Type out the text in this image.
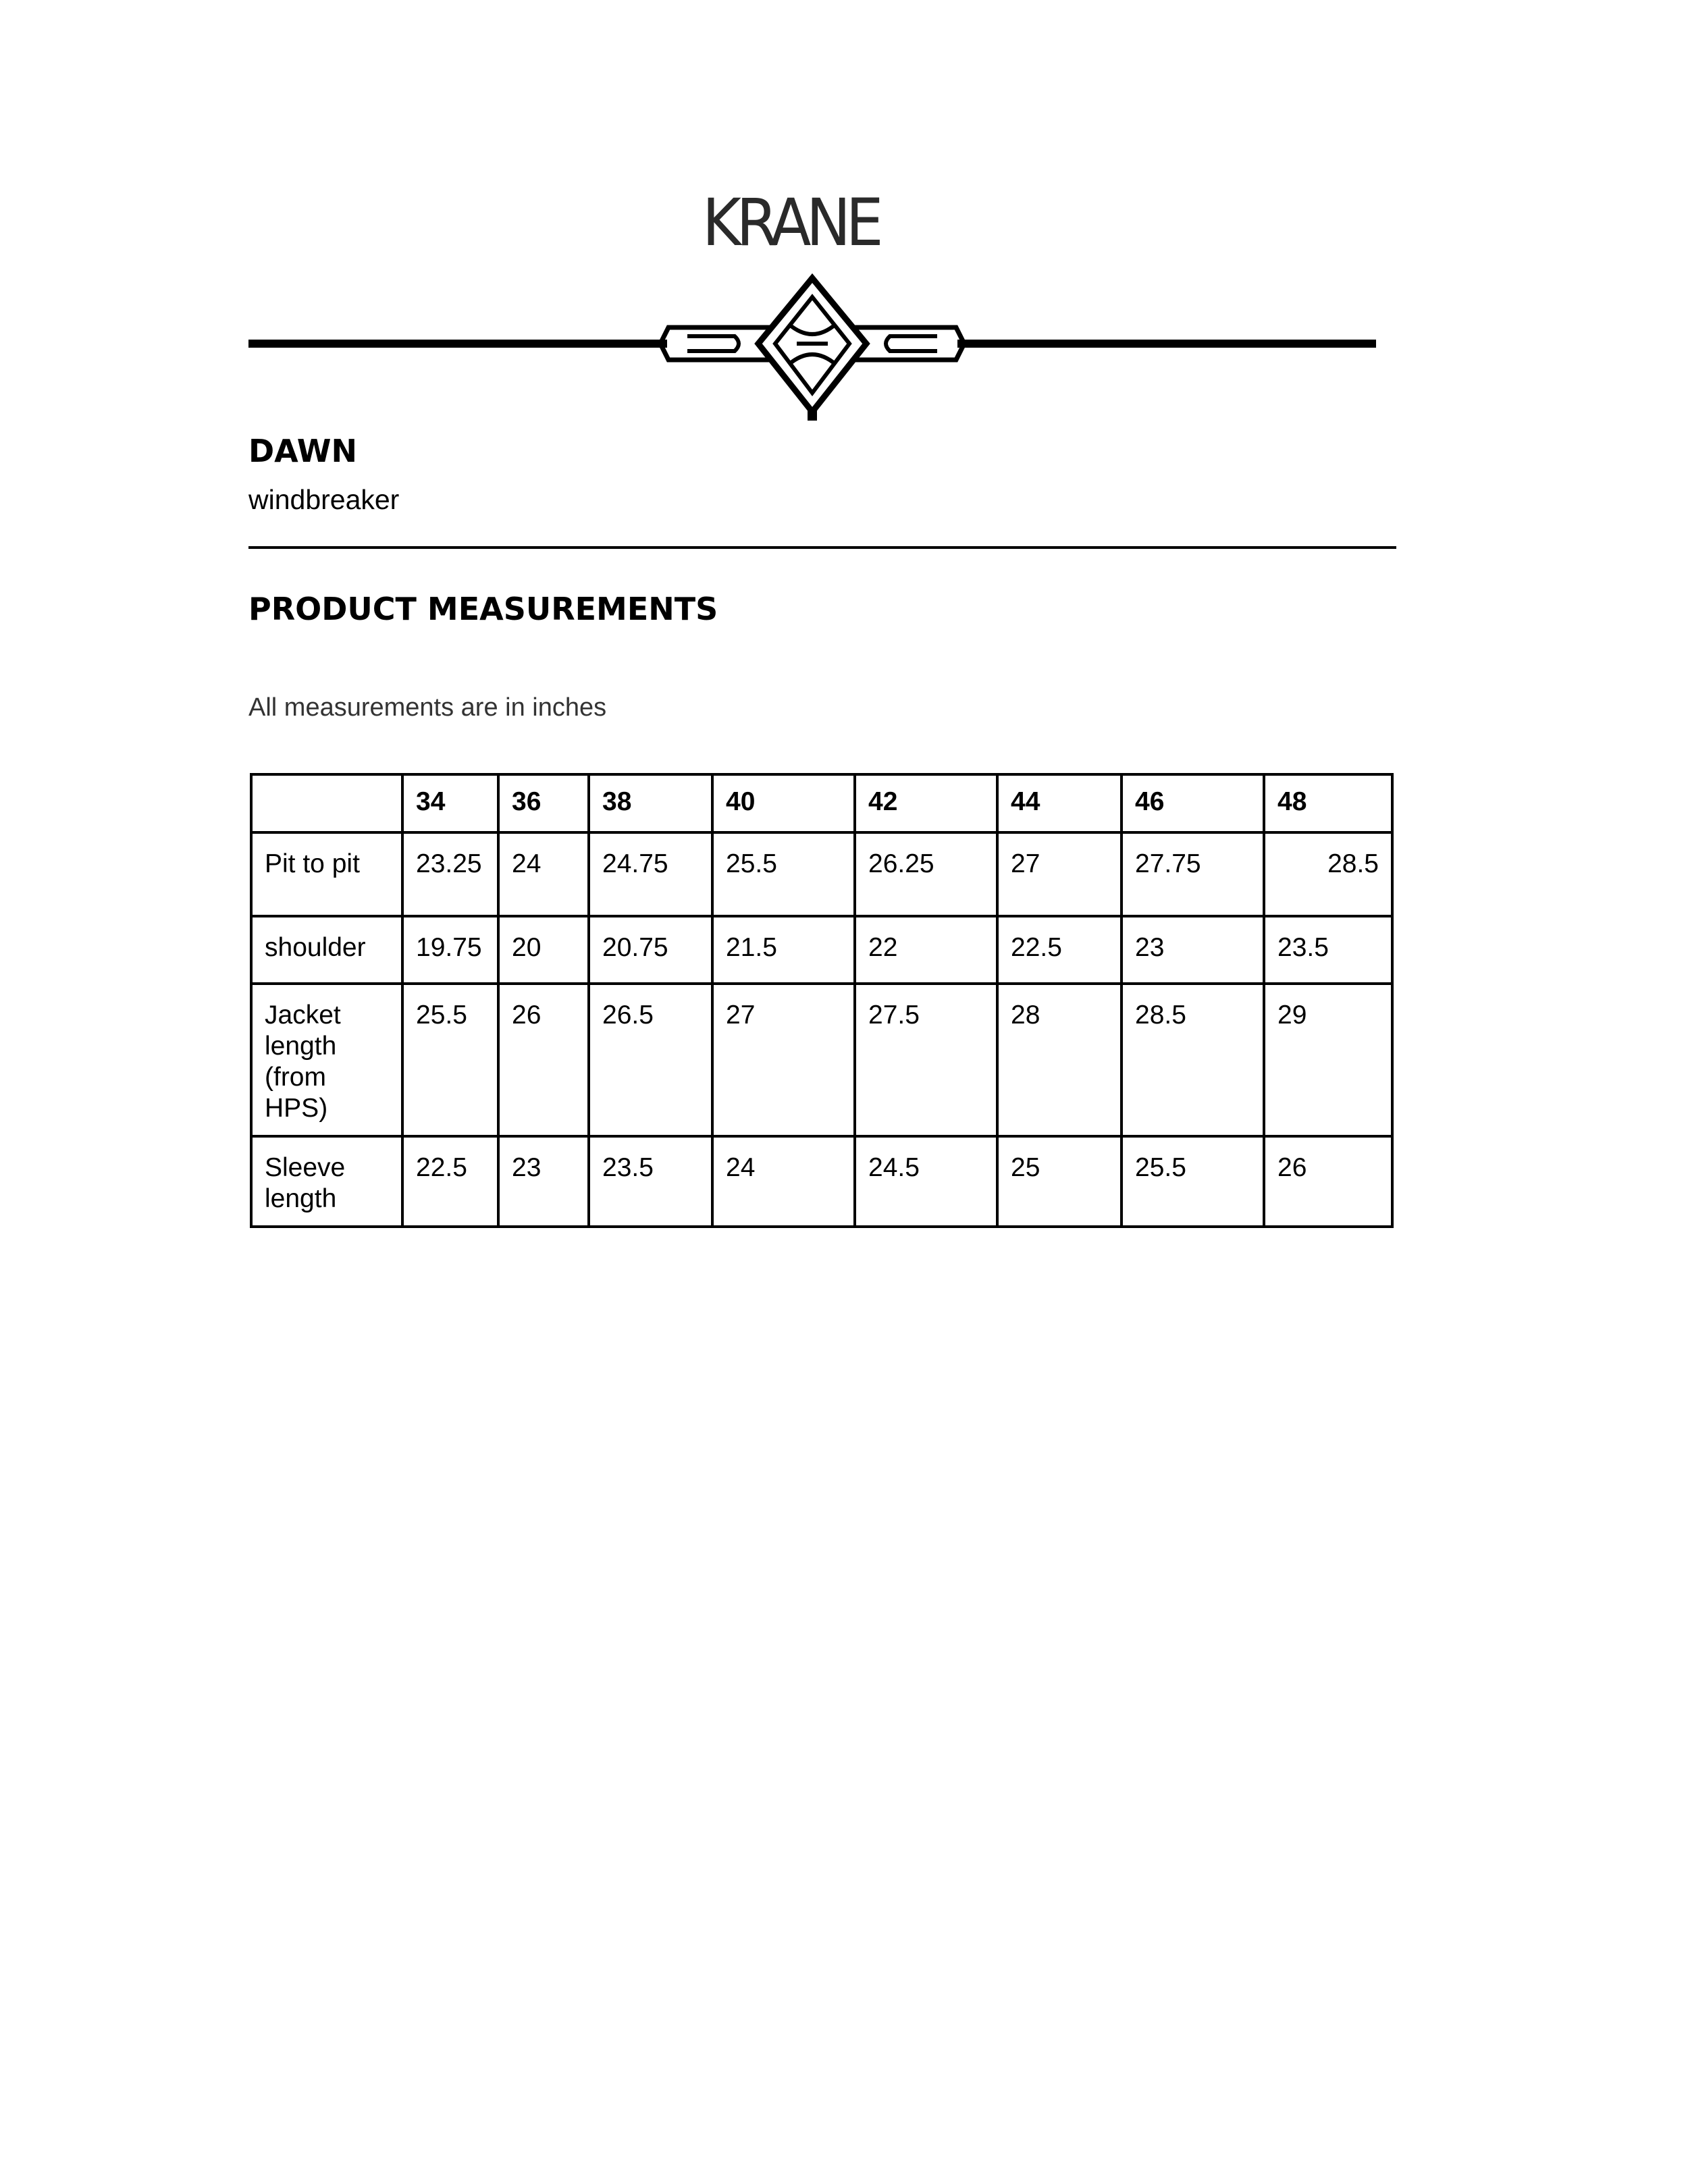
KRANE
DAWN
windbreaker
PRODUCT MEASUREMENTS
All measurements are in inches
	34	36	38	40	42	44	46	48
Pit to pit	23.25	24	24.75	25.5	26.25	27	27.75	28.5
shoulder	19.75	20	20.75	21.5	22	22.5	23	23.5
Jacket length (from HPS)	25.5	26	26.5	27	27.5	28	28.5	29
Sleeve length	22.5	23	23.5	24	24.5	25	25.5	26
